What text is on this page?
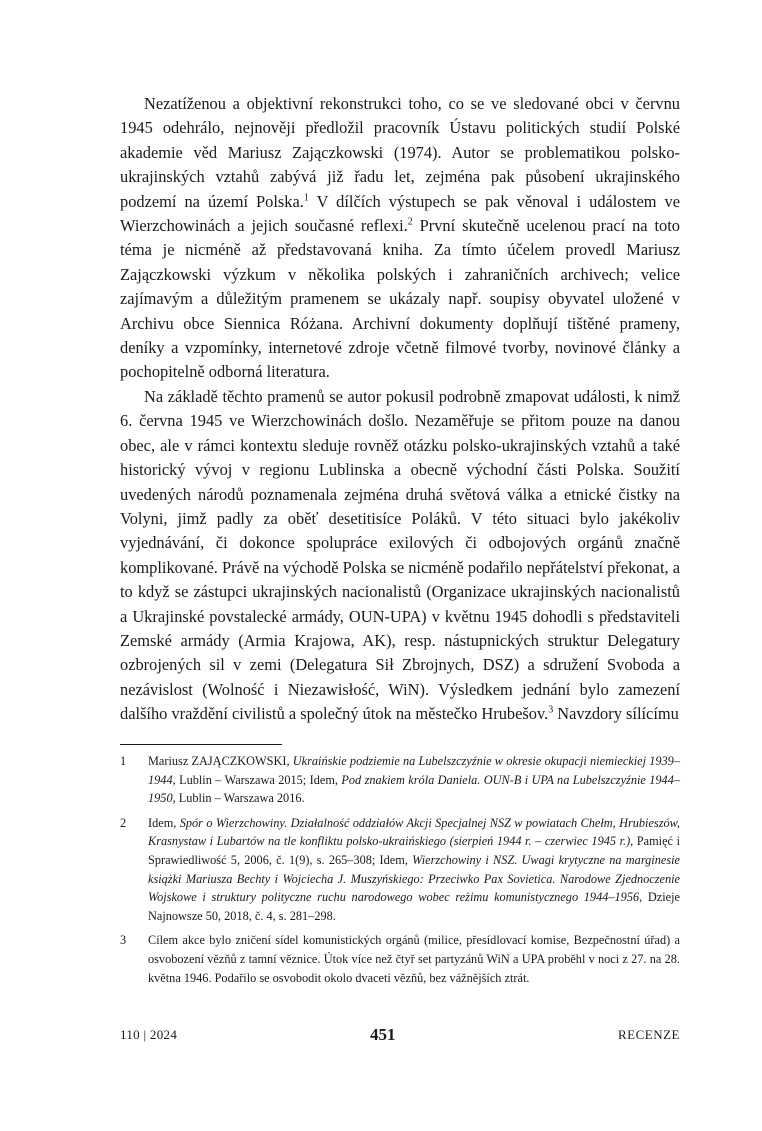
Nezatíženou a objektivní rekonstrukci toho, co se ve sledované obci v červnu 1945 odehrálo, nejnověji předložil pracovník Ústavu politických studií Polské akademie věd Mariusz Zajączkowski (1974). Autor se problematikou polsko-ukrajinských vztahů zabývá již řadu let, zejména pak působení ukrajinského podzemí na území Polska.$^1$ V dílčích výstupech se pak věnoval i událostem ve Wierzchowinách a jejich současné reflexi.$^2$ První skutečně ucelenou prací na toto téma je nicméně až představovaná kniha. Za tímto účelem provedl Mariusz Zajączkowski výzkum v několika polských i zahraničních archivech; velice zajímavým a důležitým pramenem se ukázaly např. soupisy obyvatel uložené v Archivu obce Siennica Różana. Archivní dokumenty doplňují tištěné prameny, deníky a vzpomínky, internetové zdroje včetně filmové tvorby, novinové články a pochopitelně odborná literatura.

Na základě těchto pramenů se autor pokusil podrobně zmapovat události, k nimž 6. června 1945 ve Wierzchowinách došlo. Nezaměřuje se přitom pouze na danou obec, ale v rámci kontextu sleduje rovněž otázku polsko-ukrajinských vztahů a také historický vývoj v regionu Lublinska a obecně východní části Polska. Soužití uvedených národů poznamenala zejména druhá světová válka a etnické čistky na Volyni, jimž padly za oběť desetitisíce Poláků. V této situaci bylo jakékoliv vyjednávání, či dokonce spolupráce exilových či odbojových orgánů značně komplikované. Právě na východě Polska se nicméně podařilo nepřátelství překonat, a to když se zástupci ukrajinských nacionalistů (Organizace ukrajinských nacionalistů a Ukrajinské povstalecké armády, OUN-UPA) v květnu 1945 dohodli s představiteli Zemské armády (Armia Krajowa, AK), resp. nástupnických struktur Delegatury ozbrojených sil v zemi (Delegatura Sił Zbrojnych, DSZ) a sdružení Svoboda a nezávislost (Wolność i Niezawisłość, WiN). Výsledkem jednání bylo zamezení dalšího vraždění civilistů a společný útok na městečko Hrubešov.$^3$ Navzdory sílícímu

1	Mariusz ZAJĄCZKOWSKI, Ukraińskie podziemie na Lubelszczyźnie w okresie okupacji niemieckiej 1939–1944, Lublin – Warszawa 2015; Idem, Pod znakiem króla Daniela. OUN-B i UPA na Lubelszczyźnie 1944–1950, Lublin – Warszawa 2016.
2	Idem, Spór o Wierzchowiny. Działalność oddziałów Akcji Specjalnej NSZ w powiatach Chełm, Hrubieszów, Krasnystaw i Lubartów na tle konfliktu polsko-ukraińskiego (sierpień 1944 r. – czerwiec 1945 r.), Pamięć i Sprawiedliwość 5, 2006, č. 1(9), s. 265–308; Idem, Wierzchowiny i NSZ. Uwagi krytyczne na marginesie książki Mariusza Bechty i Wojciecha J. Muszyńskiego: Przeciwko Pax Sovietica. Narodowe Zjednoczenie Wojskowe i struktury polityczne ruchu narodowego wobec reżimu komunistycznego 1944–1956, Dzieje Najnowsze 50, 2018, č. 4, s. 281–298.
3	Cílem akce bylo zničení sídel komunistických orgánů (milice, přesídlovací komise, Bezpečnostní úřad) a osvobození vězňů z tamní věznice. Útok více než čtyř set partyzánů WiN a UPA proběhl v noci z 27. na 28. května 1946. Podařilo se osvobodit okolo dvaceti vězňů, bez vážnějších ztrát.
110 | 2024	451	RECENZE
